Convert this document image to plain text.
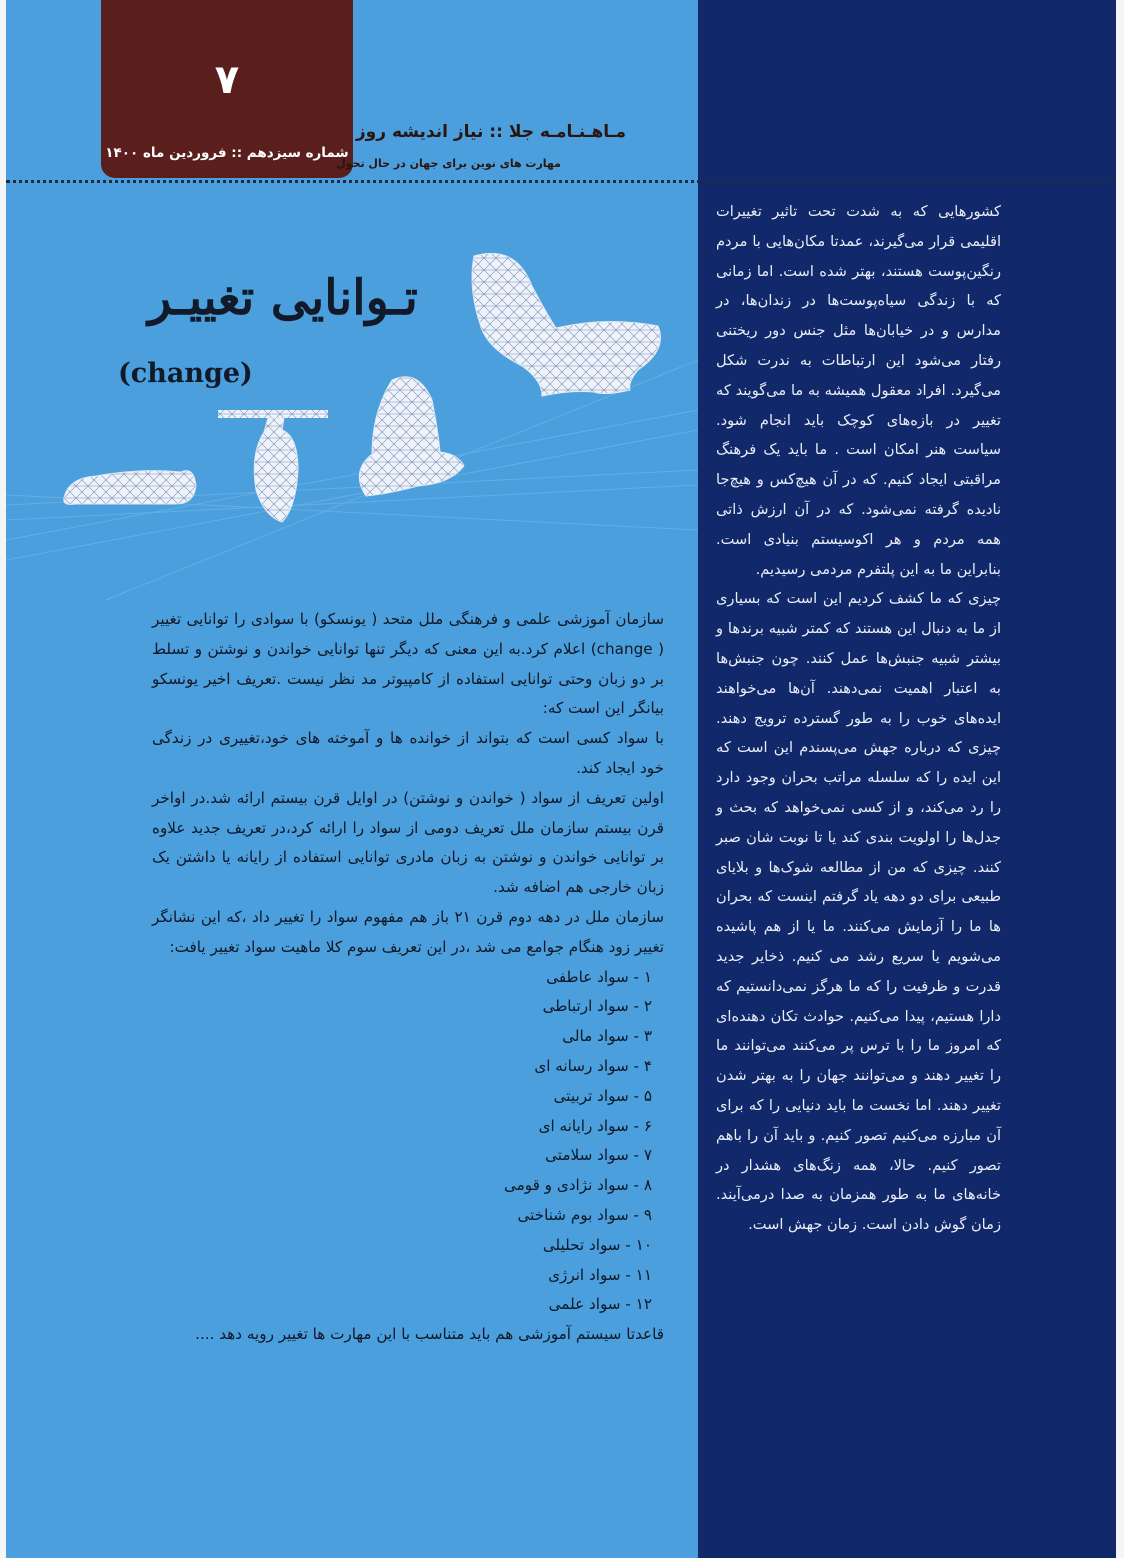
۷
شماره سیزدهم :: فروردین ماه ۱۴۰۰
مـاهـنـامـه جلا :: نیاز اندیشه روز
مهارت های نوین برای جهان در حال تحول
تـوانایی تغییـر
(change)

سازمان آموزشی علمی و فرهنگی ملل متحد ( یونسکو) با سوادی را توانایی تغییر ( change) اعلام کرد.به این معنی که دیگر تنها توانایی خواندن و نوشتن و تسلط بر دو زبان وحتی توانایی استفاده از کامپیوتر مد نظر نیست .تعریف اخیر یونسکو بیانگر این است که:

با سواد کسی است که بتواند از خوانده ها و آموخته های خود،تغییری در زندگی خود ایجاد کند.

اولین تعریف از سواد ( خواندن و نوشتن) در اوایل قرن بیستم ارائه شد.در اواخر قرن بیستم سازمان ملل تعریف دومی از سواد را ارائه کرد،در تعریف جدید علاوه بر توانایی خواندن و نوشتن به زبان مادری توانایی استفاده از رایانه یا داشتن یک زبان خارجی هم اضافه شد.

سازمان ملل در دهه دوم قرن ۲۱ باز هم مفهوم سواد را تغییر داد ،که این نشانگر تغییر زود هنگام جوامع می شد ،در این تعریف سوم کلا ماهیت سواد تغییر یافت:

۱ - سواد عاطفی
۲ - سواد ارتباطی
۳ - سواد مالی
۴ - سواد رسانه ای
۵ - سواد تربیتی
۶ - سواد رایانه ای
۷ - سواد سلامتی
۸ - سواد نژادی و قومی
۹ - سواد بوم شناختی
۱۰ - سواد تحلیلی
۱۱ - سواد انرژی
۱۲ - سواد علمی

قاعدتا سیستم آموزشی هم باید متناسب با این مهارت ها تغییر رویه دهد ....

کشورهایی که به شدت تحت تاثیر تغییرات اقلیمی قرار می‌گیرند، عمدتا مکان‌هایی با مردم رنگین‌پوست هستند، بهتر شده است. اما زمانی که با زندگی سیاه‌پوست‌ها در زندان‌ها، در مدارس و در خیابان‌ها مثل جنس دور ریختنی رفتار می‌شود این ارتباطات به ندرت شکل می‌گیرد. افراد معقول همیشه به ما می‌گویند که تغییر در بازه‌های کوچک باید انجام شود. سیاست هنر امکان است . ما باید یک فرهنگ مراقبتی ایجاد کنیم. که در آن هیچ‌کس و هیچ‌جا نادیده گرفته نمی‌شود. که در آن ارزش ذاتی همه مردم و هر اکوسیستم بنیادی است. بنابراین ما به این پلتفرم مردمی رسیدیم.

چیزی که ما کشف کردیم این است که بسیاری از ما به دنبال این هستند که کمتر شبیه برندها و بیشتر شبیه جنبش‌ها عمل کنند. چون جنبش‌ها به اعتبار اهمیت نمی‌دهند. آن‌ها می‌خواهند ایده‌های خوب را به طور گسترده ترویج دهند. چیزی که درباره جهش می‌پسندم این است که این ایده را که سلسله مراتب بحران وجود دارد را رد می‌کند، و از کسی نمی‌خواهد که بحث و جدل‌ها را اولویت بندی کند یا تا نوبت شان صبر کنند. چیزی که من از مطالعه شوک‌ها و بلایای طبیعی برای دو دهه یاد گرفتم اینست که بحران ها ما را آزمایش می‌کنند. ما یا از هم پاشیده می‌شویم یا سریع رشد می کنیم. ذخایر جدید قدرت و ظرفیت را که ما هرگز نمی‌دانستیم که دارا هستیم، پیدا می‌کنیم. حوادث تکان دهنده‌ای که امروز ما را با ترس پر می‌کنند می‌توانند ما را تغییر دهند و می‌توانند جهان را به بهتر شدن تغییر دهند. اما نخست ما باید دنیایی را که برای آن مبارزه می‌کنیم تصور کنیم. و باید آن را باهم تصور کنیم. حالا، همه زنگ‌های هشدار در خانه‌های ما به طور همزمان به صدا درمی‌آیند. زمان گوش دادن است. زمان جهش است.
